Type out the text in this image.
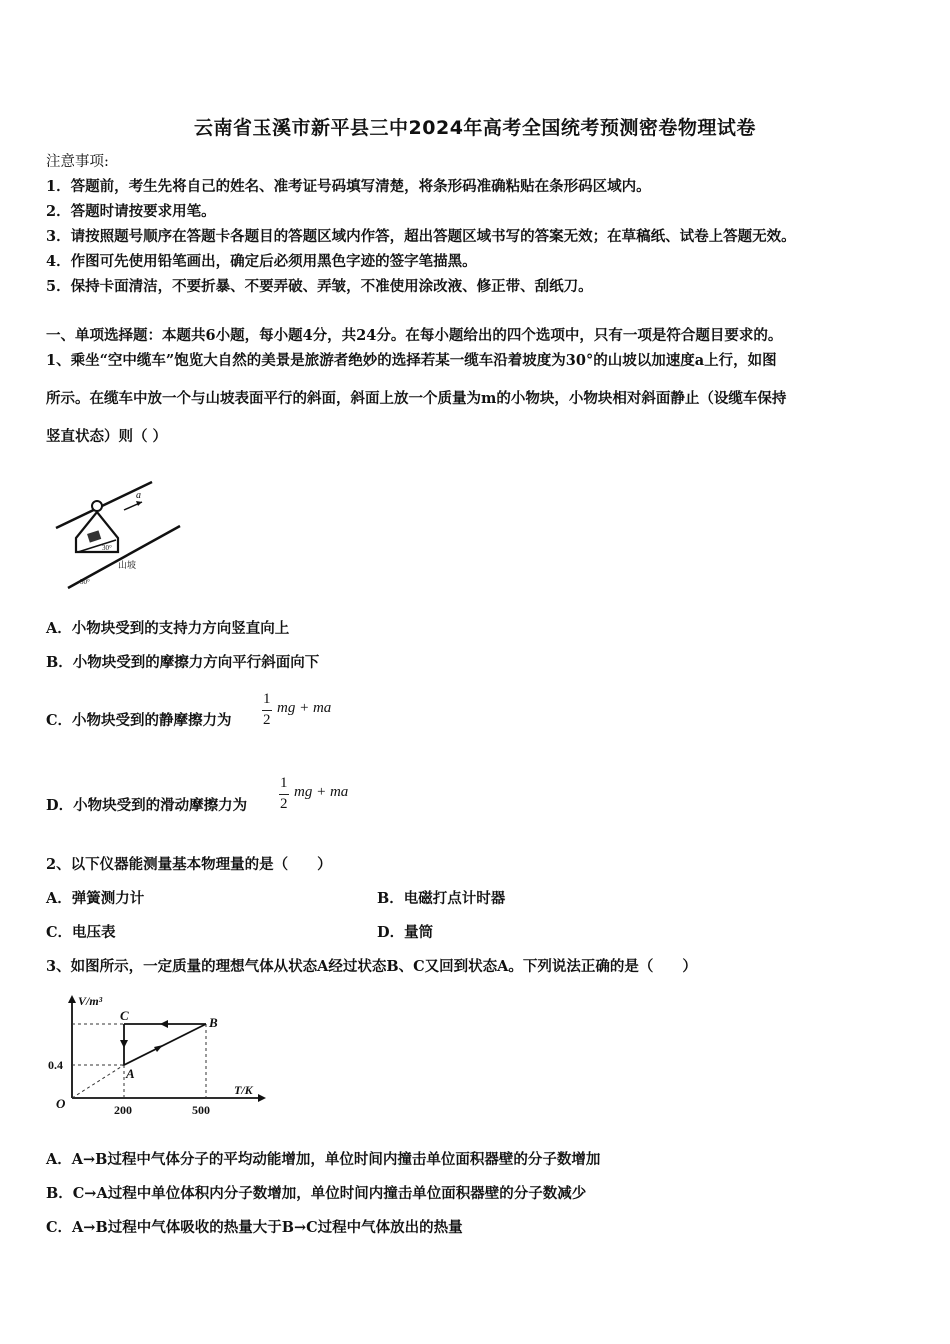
云南省玉溪市新平县三中2024年高考全国统考预测密卷物理试卷
注意事项:
1．答题前，考生先将自己的姓名、准考证号码填写清楚，将条形码准确粘贴在条形码区域内。
2．答题时请按要求用笔。
3．请按照题号顺序在答题卡各题目的答题区域内作答，超出答题区域书写的答案无效；在草稿纸、试卷上答题无效。
4．作图可先使用铅笔画出，确定后必须用黑色字迹的签字笔描黑。
5．保持卡面清洁，不要折暴、不要弄破、弄皱，不准使用涂改液、修正带、刮纸刀。
一、单项选择题：本题共6小题，每小题4分，共24分。在每小题给出的四个选项中，只有一项是符合题目要求的。
1、乘坐“空中缆车”饱览大自然的美景是旅游者绝妙的选择若某一缆车沿着坡度为30°的山坡以加速度a上行，如图
所示。在缆车中放一个与山坡表面平行的斜面，斜面上放一个质量为m的小物块，小物块相对斜面静止（设缆车保持
竖直状态）则（ ）
a
30°
山坡
30°
A．小物块受到的支持力方向竖直向上
B．小物块受到的摩擦力方向平行斜面向下
C．小物块受到的静摩擦力为
1
2
mg + ma
D．小物块受到的滑动摩擦力为
1
2
mg + ma
2、以下仪器能测量基本物理量的是（　　）
A．弹簧测力计	B．电磁打点计时器
C．电压表	D．量筒
3、如图所示，一定质量的理想气体从状态A经过状态B、C又回到状态A。下列说法正确的是（　　）
V/m³
T/K
O
0.4
200	500
A
B
C
A．A→B过程中气体分子的平均动能增加，单位时间内撞击单位面积器壁的分子数增加
B．C→A过程中单位体积内分子数增加，单位时间内撞击单位面积器壁的分子数减少
C．A→B过程中气体吸收的热量大于B→C过程中气体放出的热量
